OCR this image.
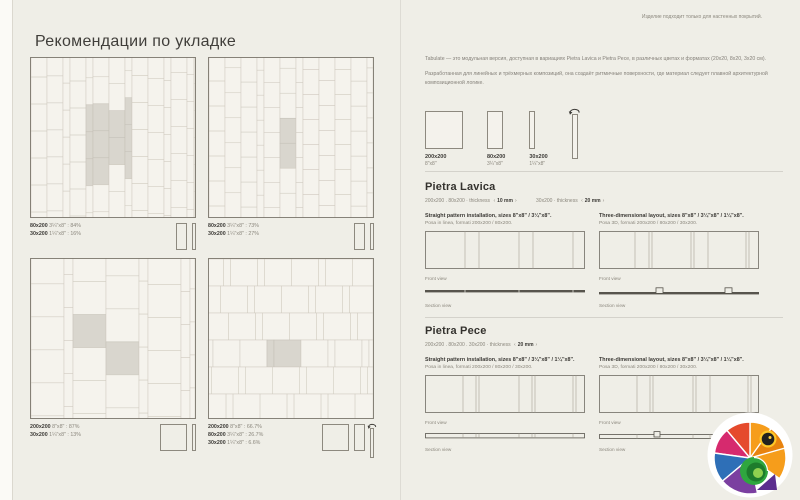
Рекомендации по укладке
Изделие подходит только для настенных покрытий.
80x200 3¼"x8" : 84%
30x200 1¼"x8" : 16%
80x200 3¼"x8" : 73%
30x200 1¼"x8" : 27%
200x200 8"x8" : 87%
30x200 1¼"x8" : 13%
200x200 8"x8" : 66.7%
80x200 3¼"x8" : 26.7%
30x200 1¼"x8" : 6.6%

Tabulate — это модульная версия, доступная в вариациях Pietra Lavica и Pietra Pece, в различных цветах и форматах (20x20, 8x20, 3x20 см).

Разработанная для линейных и трёхмерных композиций, она создаёт ритмичные поверхности, где материал следует плавной архитектурной композиционной логике.

200x200
8"x8"
80x200
3¼"x8"
30x200
1¼"x8"
Pietra Lavica
200x200 . 80x200 · thickness ‹ 10 mm ›	30x200 · thickness ‹ 20 mm ›
Straight pattern installation, sizes 8"x8" / 3¼"x8".
Posa in linea, formati 200x200 / 80x200.
Front view
Section view
Three-dimensional layout, sizes 8"x8" / 3¼"x8" / 1¼"x8".
Posa 3D, formati 200x200 / 80x200 / 30x200.
Front view
Section view
Pietra Pece
200x200 . 80x200 . 30x200 · thickness ‹ 20 mm ›
Straight pattern installation, sizes 8"x8" / 3¼"x8" / 1¼"x8".
Posa in linea, formati 200x200 / 80x200 / 30x200.
Front view
Section view
Three-dimensional layout, sizes 8"x8" / 3¼"x8" / 1¼"x8".
Posa 3D, formati 200x200 / 80x200 / 30x200.
Front view
Section view
